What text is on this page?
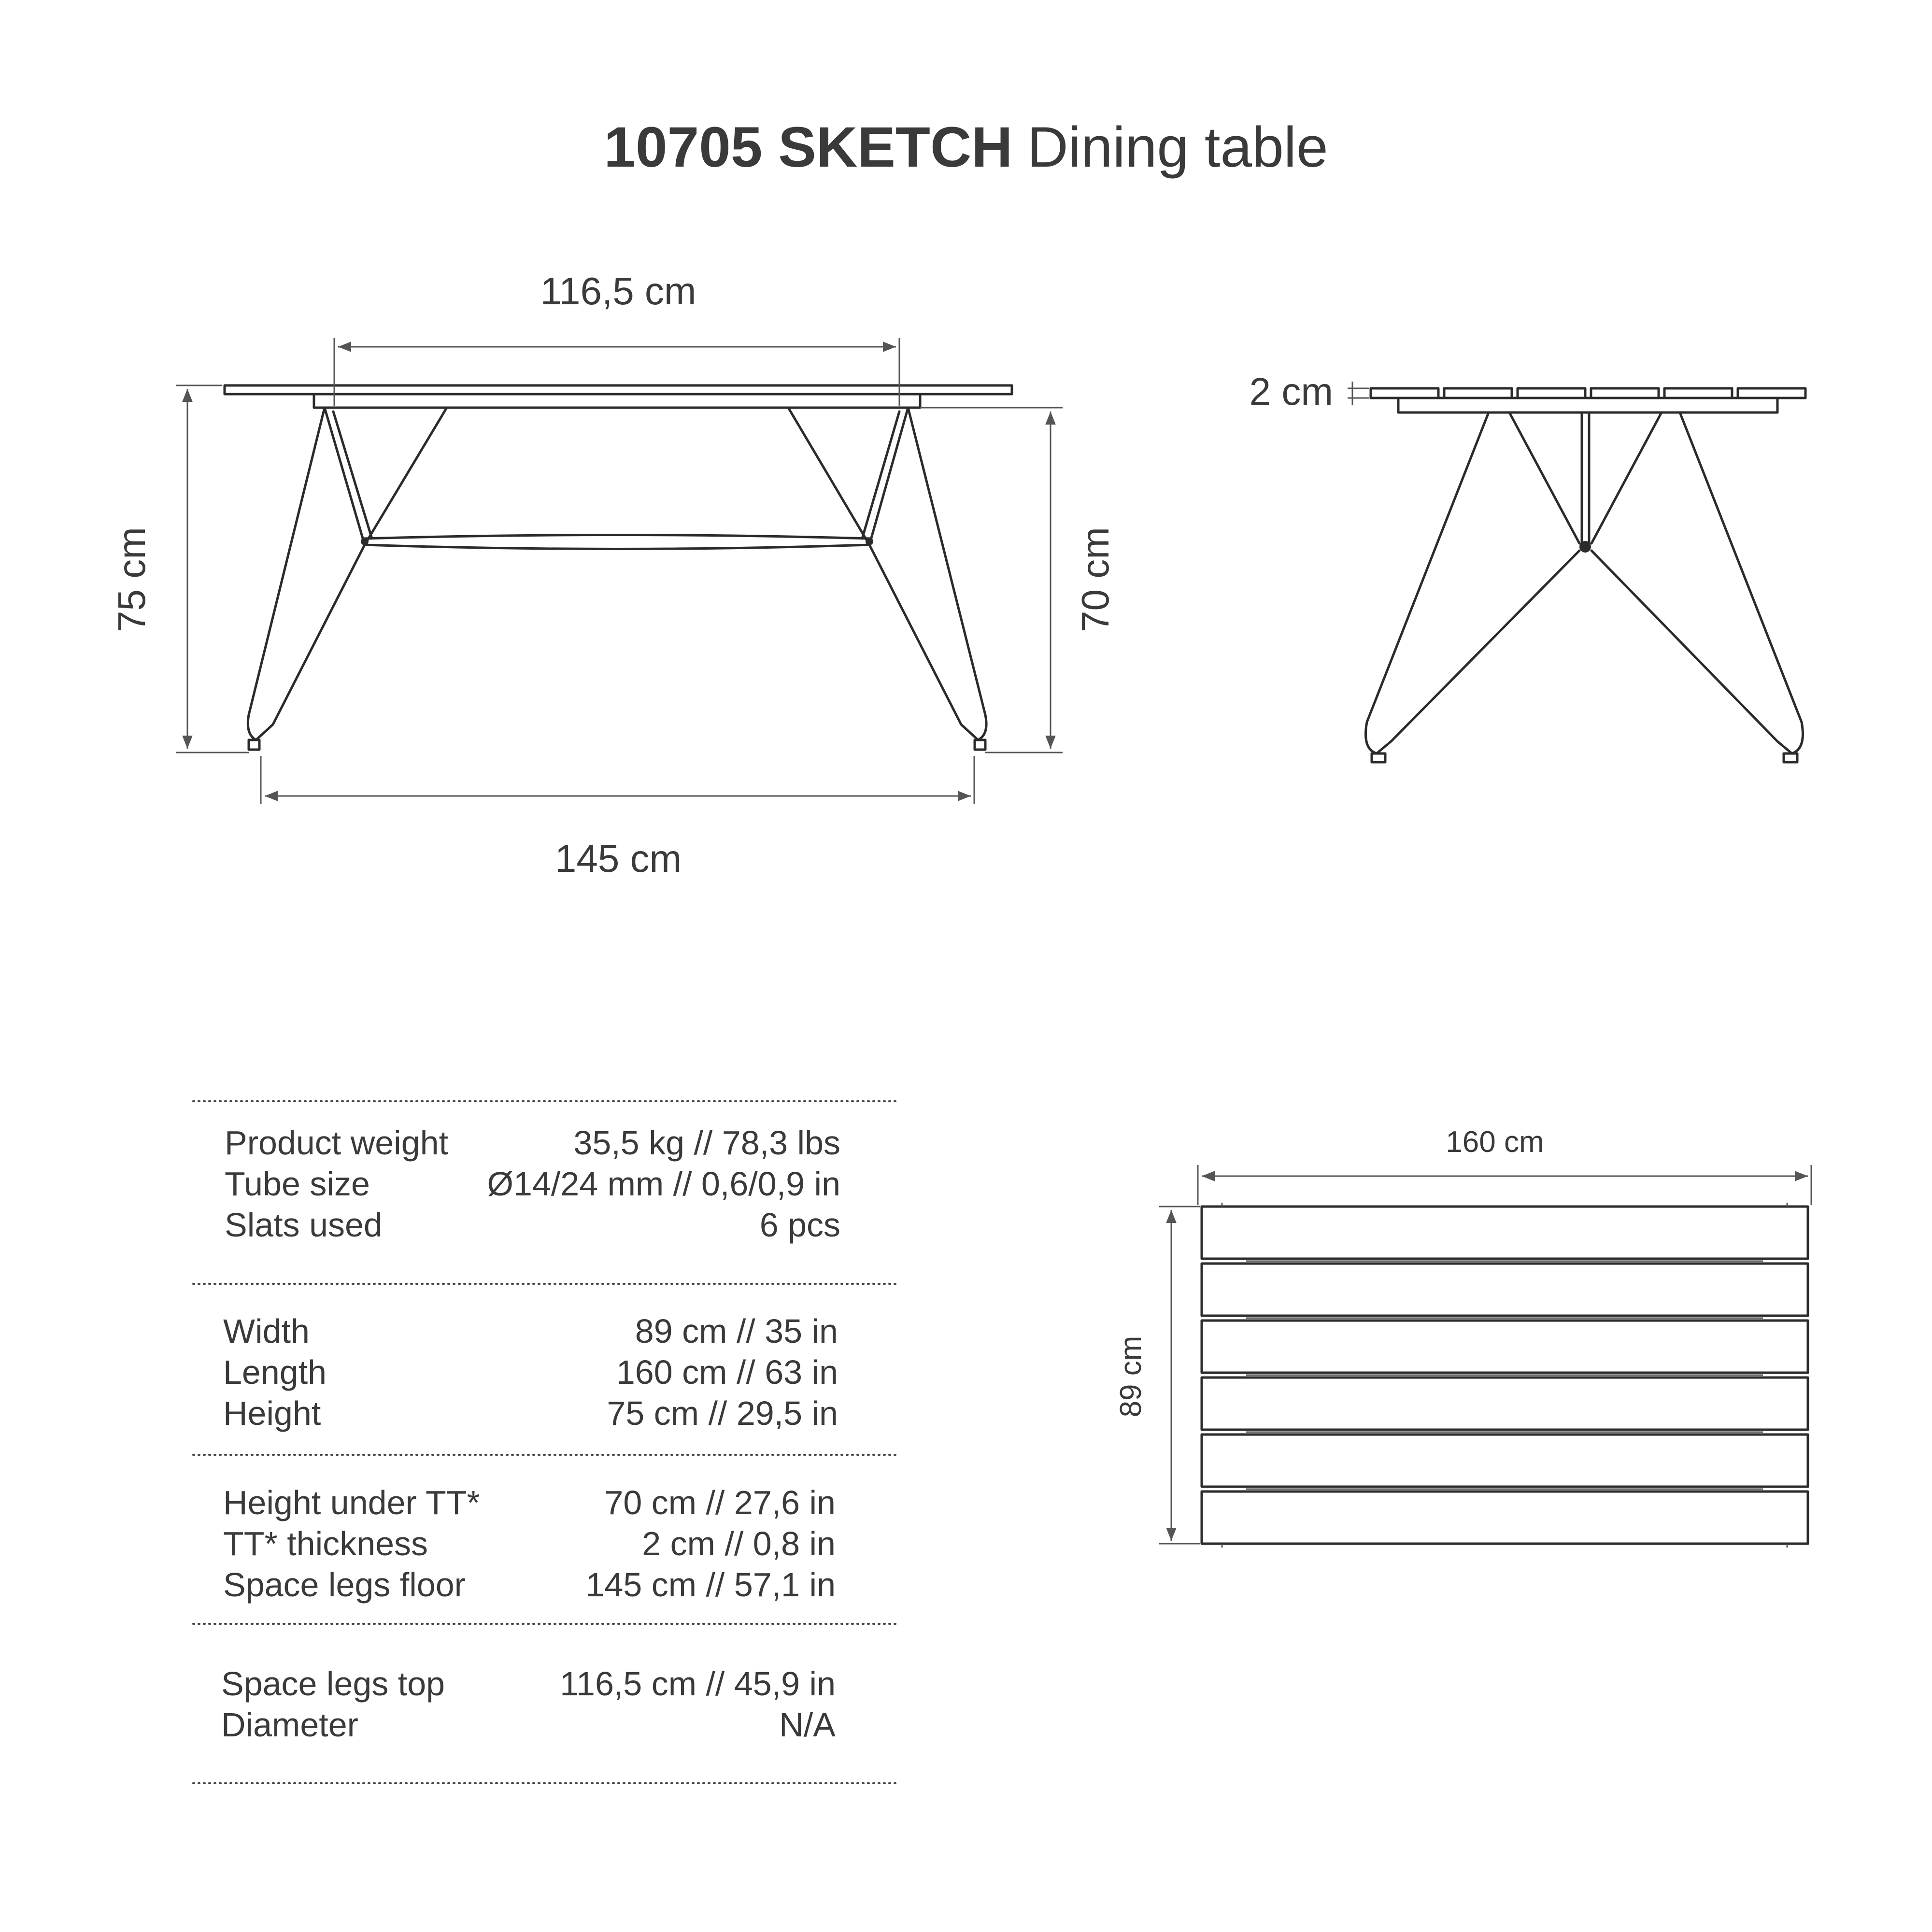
10705 SKETCH Dining table
116,5 cm
145 cm
75 cm	70 cm
2 cm
160 cm
89 cm
Product weight	35,5 kg // 78,3 lbs
Tube size	Ø14/24 mm // 0,6/0,9 in
Slats used	6 pcs
Width	89 cm // 35 in
Length	160 cm // 63 in
Height	75 cm // 29,5 in
Height under TT*	70 cm // 27,6 in
TT* thickness	2 cm // 0,8 in
Space legs floor	145 cm // 57,1 in
Space legs top	116,5 cm // 45,9 in
Diameter	N/A
